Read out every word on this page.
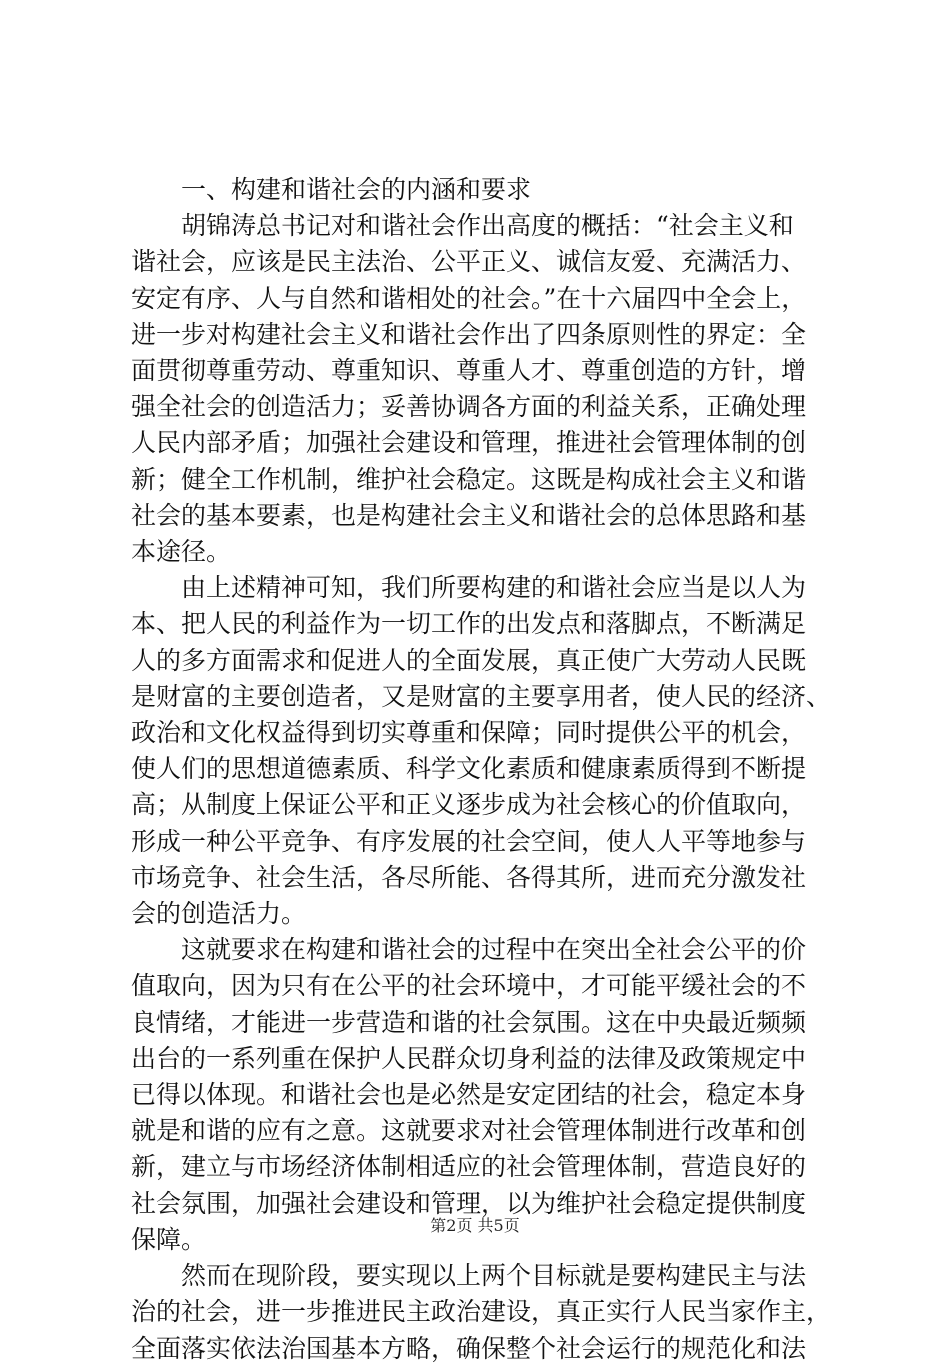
一、构建和谐社会的内涵和要求

胡锦涛总书记对和谐社会作出高度的概括：“社会主义和
谐社会，应该是民主法治、公平正义、诚信友爱、充满活力、
安定有序、人与自然和谐相处的社会。”在十六届四中全会上，
进一步对构建社会主义和谐社会作出了四条原则性的界定：全
面贯彻尊重劳动、尊重知识、尊重人才、尊重创造的方针，增
强全社会的创造活力；妥善协调各方面的利益关系，正确处理
人民内部矛盾；加强社会建设和管理，推进社会管理体制的创
新；健全工作机制，维护社会稳定。这既是构成社会主义和谐
社会的基本要素，也是构建社会主义和谐社会的总体思路和基
本途径。

由上述精神可知，我们所要构建的和谐社会应当是以人为
本、把人民的利益作为一切工作的出发点和落脚点，不断满足
人的多方面需求和促进人的全面发展，真正使广大劳动人民既
是财富的主要创造者，又是财富的主要享用者，使人民的经济、
政治和文化权益得到切实尊重和保障；同时提供公平的机会，
使人们的思想道德素质、科学文化素质和健康素质得到不断提
高；从制度上保证公平和正义逐步成为社会核心的价值取向，
形成一种公平竞争、有序发展的社会空间，使人人平等地参与
市场竞争、社会生活，各尽所能、各得其所，进而充分激发社
会的创造活力。

这就要求在构建和谐社会的过程中在突出全社会公平的价
值取向，因为只有在公平的社会环境中，才可能平缓社会的不
良情绪，才能进一步营造和谐的社会氛围。这在中央最近频频
出台的一系列重在保护人民群众切身利益的法律及政策规定中
已得以体现。和谐社会也是必然是安定团结的社会，稳定本身
就是和谐的应有之意。这就要求对社会管理体制进行改革和创
新，建立与市场经济体制相适应的社会管理体制，营造良好的
社会氛围，加强社会建设和管理，以为维护社会稳定提供制度
保障。

然而在现阶段，要实现以上两个目标就是要构建民主与法
治的社会，进一步推进民主政治建设，真正实行人民当家作主，
全面落实依法治国基本方略，确保整个社会运行的规范化和法

第2页 共5页
